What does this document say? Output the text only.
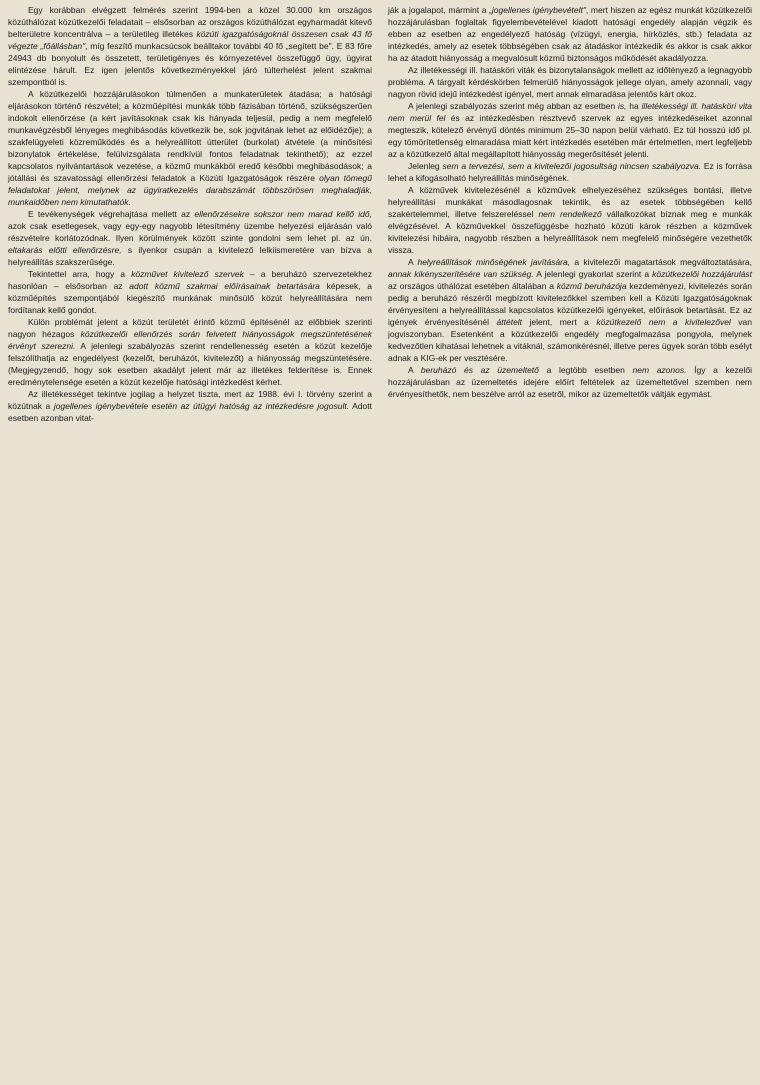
Egy korábban elvégzett felmérés szerint 1994-ben a közel 30.000 km országos közúthálózat közútkezelői feladatait – elsősorban az országos közúthálózat egyharmadát kitevő belterületre koncentrálva – a területileg illetékes közúti igazgatóságoknál összesen csak 43 fő végezte „főállásban", míg feszítő munkacsúcsok beálltakor további 40 fő „segített be". E 83 főre 24943 db bonyolult és összetett, területigényes és környezetével összefüggő ügy, ügyirat elintézése hárult. Ez igen jelentős következményekkel járó túlterhelést jelent szakmai szempontból is.

A közútkezelői hozzájárulásokon túlmenően a munkaterületek átadása; a hatósági eljárásokon történő részvétel; a közműépítési munkák több fázisában történő, szükségszerűen indokolt ellenőrzése (a kért javításoknak csak kis hányada teljesül, pedig a nem megfelelő munkavégzésből lényeges meghibásodás következik be, sok jogvitának lehet az előidézője); a szakfelügyeleti közreműködés és a helyreállított útterület (burkolat) átvétele (a minősítési bizonylatok értékelése, felülvizsgálata rendkívül fontos feladatnak tekinthető); az ezzel kapcsolatos nyilvántartások vezetése, a közmű munkákból eredő későbbi meghibásodások; a jótállási és szavatossági ellenőrzési feladatok a Közúti Igazgatóságok részére olyan tömegű feladatokat jelent, melynek az ügyiratkezelés darabszámát többszörösen meghaladják, munkaidőben nem kimutathatók.

E tevékenységek végrehajtása mellett az ellenőrzésekre sokszor nem marad kellő idő, azok csak esetlegesek, vagy egy-egy nagyobb létesítmény üzembe helyezési eljárásán való részvételre korlátozódnak. Ilyen körülmények között szinte gondolni sem lehet pl. az ún. eltakarás előtti ellenőrzésre, s ilyenkor csupán a kivitelező lelkiismeretére van bízva a helyreállítás szakszerűsége.

Tekintettel arra, hogy a közművet kivitelező szervek – a beruházó szervezetekhez hasonlóan – elsősorban az adott közmű szakmai előírásainak betartására képesek, a közműépítés szempontjából kiegészítő munkának minősülő közút helyreállítására nem fordítanak kellő gondot.

Külön problémát jelent a közút területét érintő közmű építésénél az előbbiek szerinti nagyon hézagos közútkezelői ellenőrzés során felvetett hiányosságok megszüntetésének érvényt szerezni. A jelenlegi szabályozás szerint rendellenesség esetén a közút kezelője felszólíthatja az engedélyest (kezelőt, beruházót, kivitelezőt) a hiányosság megszüntetésére. (Megjegyzendő, hogy sok esetben akadályt jelent már az illetékes felderítése is. Ennek eredménytelensége esetén a közút kezelője hatósági intézkedést kérhet.

Az illetékességet tekintve jogilag a helyzet tiszta, mert az 1988. évi I. törvény szerint a közútnak a jogellenes igénybevétele esetén az útügyi hatóság az intézkedésre jogosult. Adott esetben azonban vitat-

ják a jogalapot, mármint a „jogellenes igénybevételt", mert hiszen az egész munkát közútkezelői hozzájárulásban foglaltak figyelembevételével kiadott hatósági engedély alapján végzik és ebben az esetben az engedélyező hatóság (vízügyi, energia, hírközlés, stb.) feladata az intézkedés, amely az esetek többségében csak az átadáskor intézkedik és akkor is csak akkor ha az átadott hiányosság a megvalósult közmű biztonságos működését akadályozza.

Az illetékességi ill. hatásköri viták és bizonytalanságok mellett az időtényező a legnagyobb probléma. A tárgyalt kérdéskörben felmerülő hiányosságok jellege olyan, amely azonnali, vagy nagyon rövid idejű intézkedést igényel, mert annak elmaradása jelentős kárt okoz.

A jelenlegi szabályozás szerint még abban az esetben is, ha illetékességi ill. hatásköri vita nem merül fel és az intézkedésben résztvevő szervek az egyes intézkedéseiket azonnal megteszik, kötelező érvényű döntés minimum 25–30 napon belül várható. Ez túl hosszú idő pl. egy tömörítetlenség elmaradása miatt kért intézkedés esetében már értelmetlen, mert legfeljebb az a közútkezelő által megállapított hiányosság megerősítését jelenti.

Jelenleg sem a tervezési, sem a kivitelezői jogosultság nincsen szabályozva. Ez is forrása lehet a kifogásolható helyreállítás minőségének.

A közművek kivitelezésénél a közművek elhelyezéséhez szükséges bontási, illetve helyreállítási munkákat másodlagosnak tekintik, és az esetek többségében kellő szakértelemmel, illetve felszereléssel nem rendelkező vállalkozókat bíznak meg e munkák elvégzésével. A közművekkel összefüggésbe hozható közúti károk részben a közművek kivitelezési hibáira, nagyobb részben a helyreállítások nem megfelelő minőségére vezethetők vissza.

A helyreállítások minőségének javítására, a kivitelezői magatartások megváltoztatására, annak kikényszerítésére van szükség. A jelenlegi gyakorlat szerint a közútkezelői hozzájárulást az országos úthálózat esetében általában a közmű beruházója kezdeményezi, kivitelezés során pedig a beruházó részéről megbízott kivitelezőkkel szemben kell a Közúti Igazgatóságoknak érvényesíteni a helyreállítással kapcsolatos közútkezelői igényeket, előírások betartását. Ez az igények érvényesítésénél áttételt jelent, mert a közútkezelő nem a kivitelezővel van jogviszonyban. Esetenként a közútkezelői engedély megfogalmazása pongyola, melynek kedvezőtlen kihatásai lehetnek a vitáknál, számonkérésnél, illetve peres ügyek során több esélyt adnak a KIG-ek per vesztésére.

A beruházó és az üzemeltető a legtöbb esetben nem azonos. Így a kezelői hozzájárulásban az üzemeltetés idejére előírt feltételek az üzemeltetővel szemben nem érvényesíthetők, nem beszélve arról az esetről, mikor az üzemeltetők váltják egymást.
